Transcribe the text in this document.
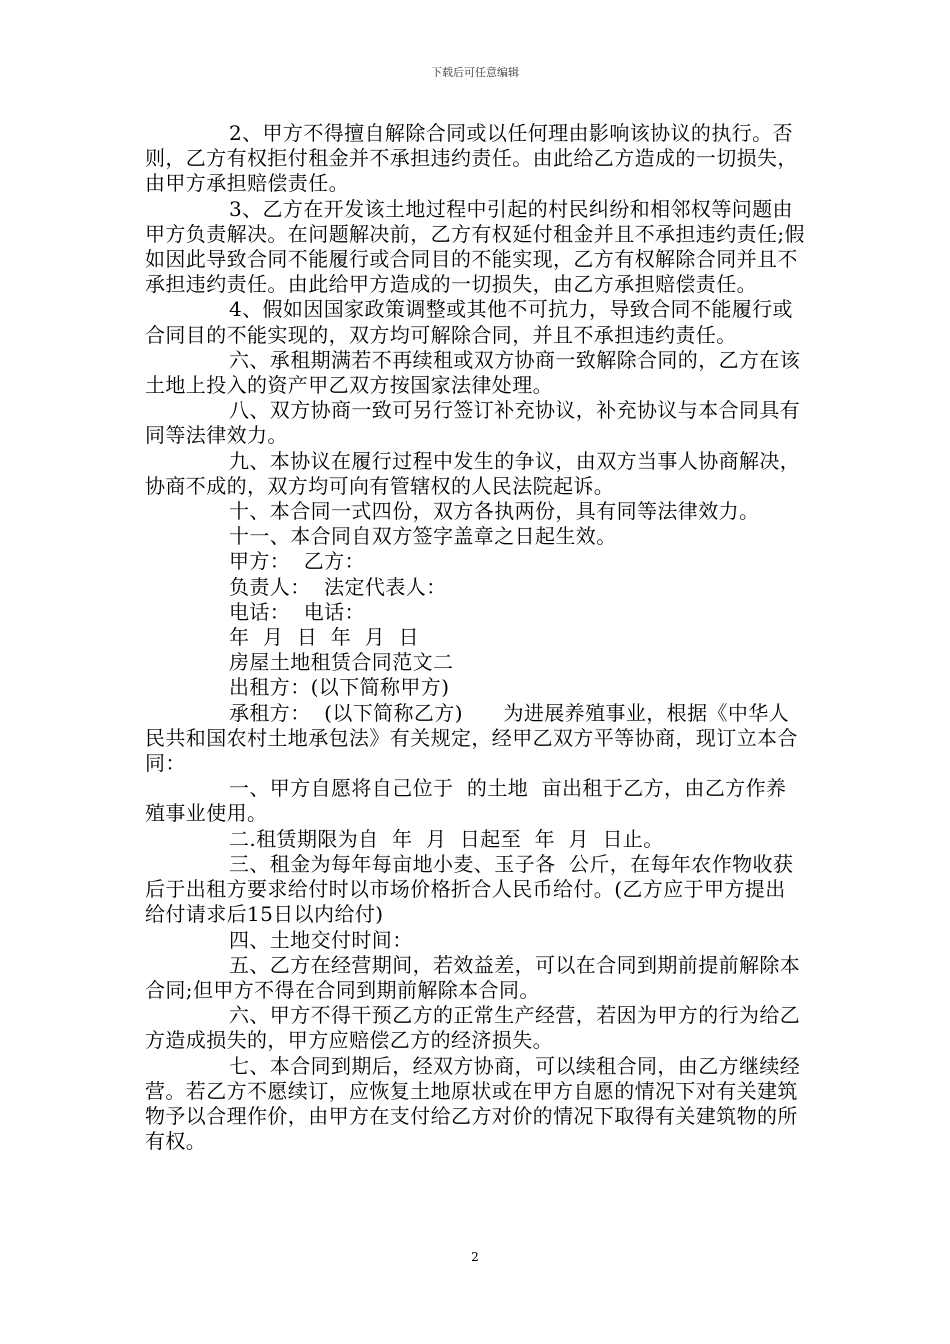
下载后可任意编辑

2、甲方不得擅自解除合同或以任何理由影响该协议的执行。否则，乙方有权拒付租金并不承担违约责任。由此给乙方造成的一切损失，由甲方承担赔偿责任。

3、乙方在开发该土地过程中引起的村民纠纷和相邻权等问题由甲方负责解决。在问题解决前，乙方有权延付租金并且不承担违约责任;假如因此导致合同不能履行或合同目的不能实现，乙方有权解除合同并且不承担违约责任。由此给甲方造成的一切损失，由乙方承担赔偿责任。

4、假如因国家政策调整或其他不可抗力，导致合同不能履行或合同目的不能实现的，双方均可解除合同，并且不承担违约责任。

六、承租期满若不再续租或双方协商一致解除合同的，乙方在该土地上投入的资产甲乙双方按国家法律处理。

八、双方协商一致可另行签订补充协议，补充协议与本合同具有同等法律效力。

九、本协议在履行过程中发生的争议，由双方当事人协商解决，协商不成的，双方均可向有管辖权的人民法院起诉。

十、本合同一式四份，双方各执两份，具有同等法律效力。

十一、本合同自双方签字盖章之日起生效。

甲方：  乙方：

负责人：  法定代表人：

电话：  电话：

年  月  日  年  月  日

房屋土地租赁合同范文二

出租方：(以下简称甲方)

承租方：  (以下简称乙方)      为进展养殖事业，根据《中华人民共和国农村土地承包法》有关规定，经甲乙双方平等协商，现订立本合同：

一、甲方自愿将自己位于  的土地  亩出租于乙方，由乙方作养殖事业使用。

二.租赁期限为自  年  月  日起至  年  月  日止。

三、租金为每年每亩地小麦、玉子各  公斤，在每年农作物收获后于出租方要求给付时以市场价格折合人民币给付。(乙方应于甲方提出给付请求后15日以内给付)

四、土地交付时间：

五、乙方在经营期间，若效益差，可以在合同到期前提前解除本合同;但甲方不得在合同到期前解除本合同。

六、甲方不得干预乙方的正常生产经营，若因为甲方的行为给乙方造成损失的，甲方应赔偿乙方的经济损失。

七、本合同到期后，经双方协商，可以续租合同，由乙方继续经营。若乙方不愿续订，应恢复土地原状或在甲方自愿的情况下对有关建筑物予以合理作价，由甲方在支付给乙方对价的情况下取得有关建筑物的所有权。

2
